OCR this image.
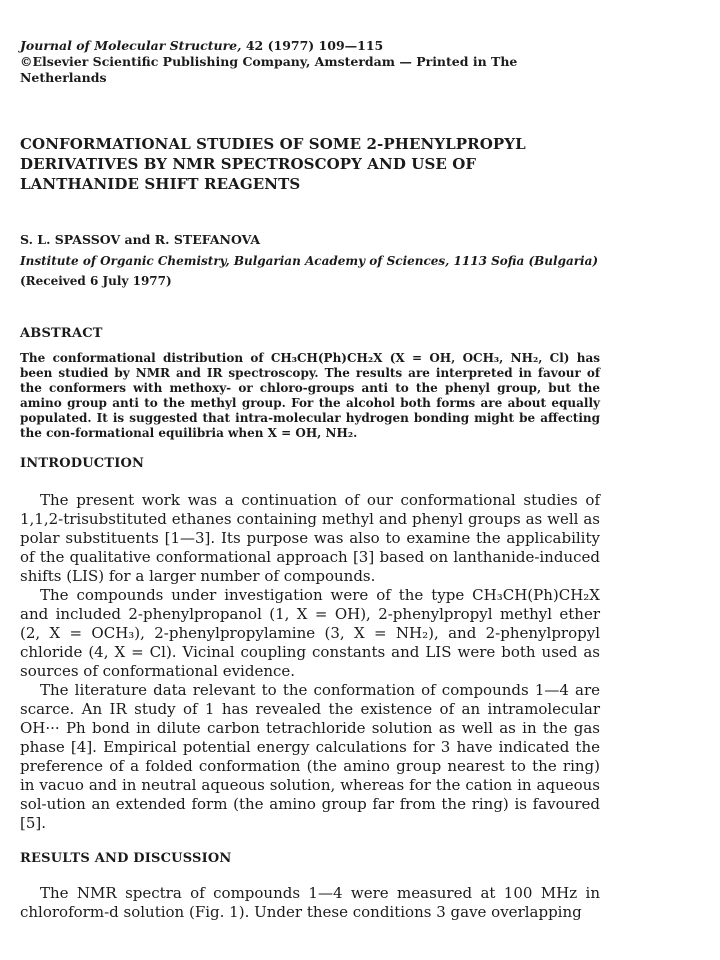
Journal of Molecular Structure, 42 (1977) 109—115
©Elsevier Scientific Publishing Company, Amsterdam — Printed in The Netherlands
CONFORMATIONAL STUDIES OF SOME 2-PHENYLPROPYL DERIVATIVES BY NMR SPECTROSCOPY AND USE OF LANTHANIDE SHIFT REAGENTS
S. L. SPASSOV and R. STEFANOVA
Institute of Organic Chemistry, Bulgarian Academy of Sciences, 1113 Sofia (Bulgaria)
(Received 6 July 1977)
ABSTRACT
The conformational distribution of CH₃CH(Ph)CH₂X (X = OH, OCH₃, NH₂, Cl) has been studied by NMR and IR spectroscopy. The results are interpreted in favour of the conformers with methoxy- or chloro-groups anti to the phenyl group, but the amino group anti to the methyl group. For the alcohol both forms are about equally populated. It is suggested that intra-molecular hydrogen bonding might be affecting the con-formational equilibria when X = OH, NH₂.
INTRODUCTION

The present work was a continuation of our conformational studies of 1,1,2-trisubstituted ethanes containing methyl and phenyl groups as well as polar substituents [1—3]. Its purpose was also to examine the applicability of the qualitative conformational approach [3] based on lanthanide-induced shifts (LIS) for a larger number of compounds.

The compounds under investigation were of the type CH₃CH(Ph)CH₂X and included 2-phenylpropanol (1, X = OH), 2-phenylpropyl methyl ether (2, X = OCH₃), 2-phenylpropylamine (3, X = NH₂), and 2-phenylpropyl chloride (4, X = Cl). Vicinal coupling constants and LIS were both used as sources of conformational evidence.

The literature data relevant to the conformation of compounds 1—4 are scarce. An IR study of 1 has revealed the existence of an intramolecular OH··· Ph bond in dilute carbon tetrachloride solution as well as in the gas phase [4]. Empirical potential energy calculations for 3 have indicated the preference of a folded conformation (the amino group nearest to the ring) in vacuo and in neutral aqueous solution, whereas for the cation in aqueous sol-ution an extended form (the amino group far from the ring) is favoured [5].

RESULTS AND DISCUSSION

The NMR spectra of compounds 1—4 were measured at 100 MHz in chloroform-d solution (Fig. 1). Under these conditions 3 gave overlapping
